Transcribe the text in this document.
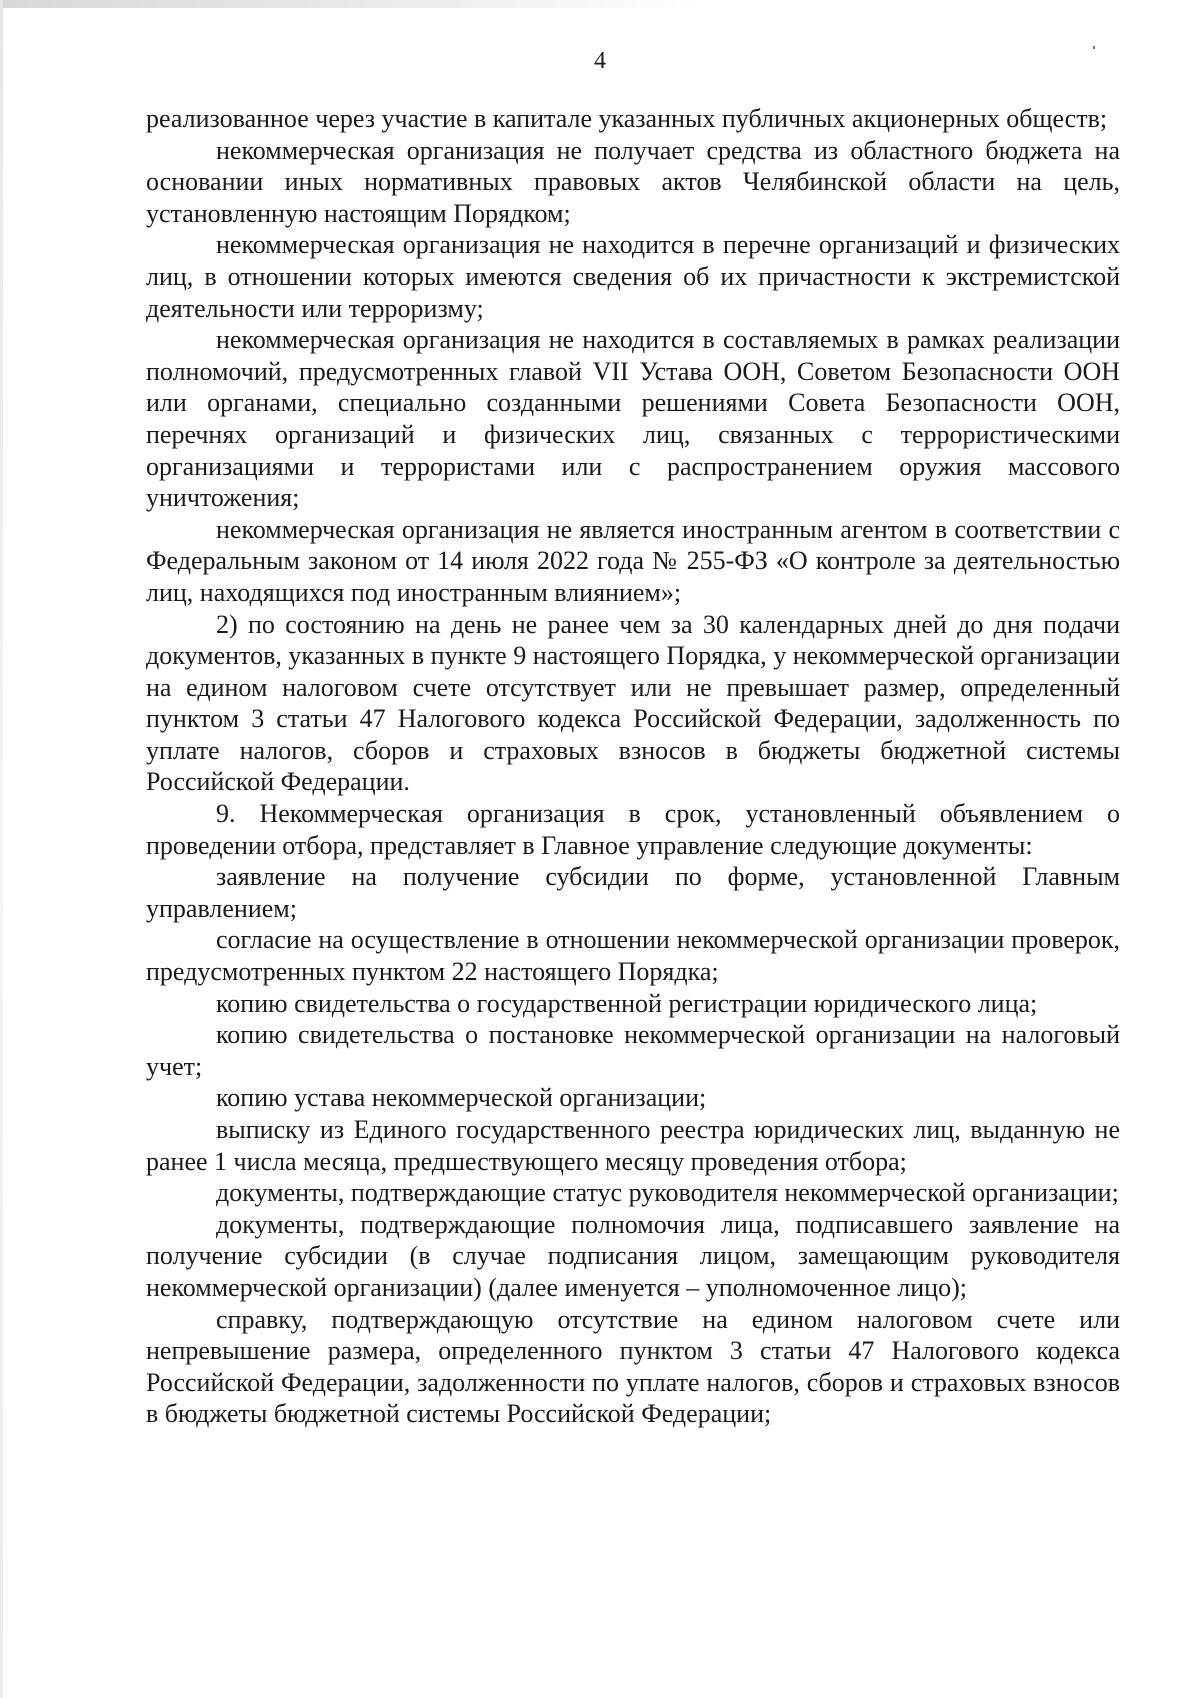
4

реализованное через участие в капитале указанных публичных акционерных обществ;

некоммерческая организация не получает средства из областного бюджета на основании иных нормативных правовых актов Челябинской области на цель, установленную настоящим Порядком;

некоммерческая организация не находится в перечне организаций и физических лиц, в отношении которых имеются сведения об их причастности к экстремистской деятельности или терроризму;

некоммерческая организация не находится в составляемых в рамках реализации полномочий, предусмотренных главой VII Устава ООН, Советом Безопасности ООН или органами, специально созданными решениями Совета Безопасности ООН, перечнях организаций и физических лиц, связанных с террористическими организациями и террористами или с распространением оружия массового уничтожения;

некоммерческая организация не является иностранным агентом в соответствии с Федеральным законом от 14 июля 2022 года № 255-ФЗ «О контроле за деятельностью лиц, находящихся под иностранным влиянием»;

2) по состоянию на день не ранее чем за 30 календарных дней до дня подачи документов, указанных в пункте 9 настоящего Порядка, у некоммерческой организации на едином налоговом счете отсутствует или не превышает размер, определенный пунктом 3 статьи 47 Налогового кодекса Российской Федерации, задолженность по уплате налогов, сборов и страховых взносов в бюджеты бюджетной системы Российской Федерации.

9. Некоммерческая организация в срок, установленный объявлением о проведении отбора, представляет в Главное управление следующие документы:

заявление на получение субсидии по форме, установленной Главным управлением;

согласие на осуществление в отношении некоммерческой организации проверок, предусмотренных пунктом 22 настоящего Порядка;

копию свидетельства о государственной регистрации юридического лица;

копию свидетельства о постановке некоммерческой организации на налоговый учет;

копию устава некоммерческой организации;

выписку из Единого государственного реестра юридических лиц, выданную не ранее 1 числа месяца, предшествующего месяцу проведения отбора;

документы, подтверждающие статус руководителя некоммерческой организации;

документы, подтверждающие полномочия лица, подписавшего заявление на получение субсидии (в случае подписания лицом, замещающим руководителя некоммерческой организации) (далее именуется – уполномоченное лицо);

справку, подтверждающую отсутствие на едином налоговом счете или непревышение размера, определенного пунктом 3 статьи 47 Налогового кодекса Российской Федерации, задолженности по уплате налогов, сборов и страховых взносов в бюджеты бюджетной системы Российской Федерации;
